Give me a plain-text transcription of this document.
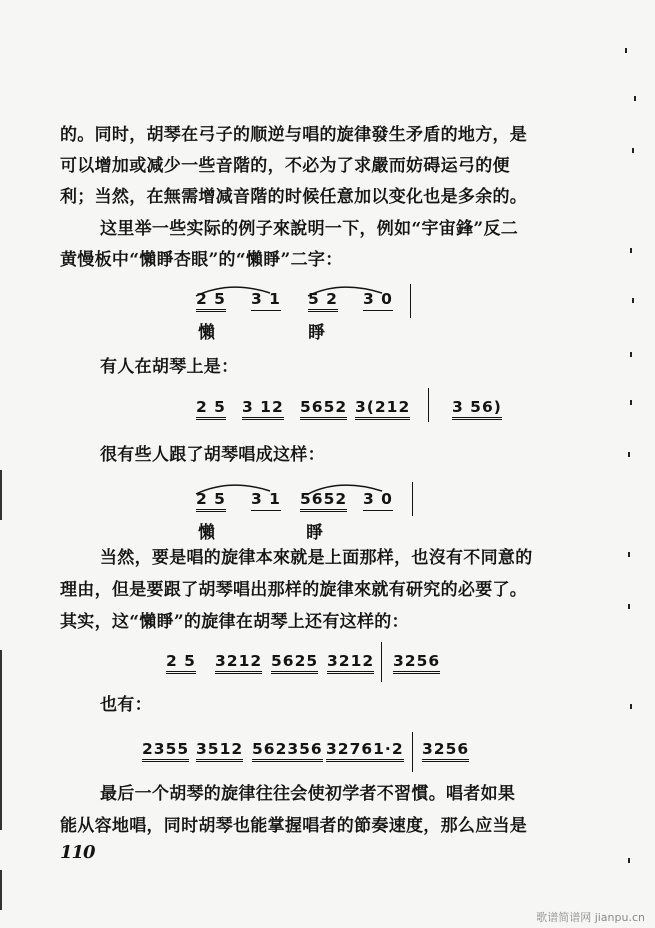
的。同时，胡琴在弓子的顺逆与唱的旋律發生矛盾的地方，是
可以增加或减少一些音階的，不必为了求嚴而妨碍运弓的便
利；当然，在無需增减音階的时候任意加以变化也是多余的。
这里举一些实际的例子來說明一下，例如“宇宙鋒”反二
黄慢板中“懶睜杏眼”的“懶睜”二字：
2 5 3 1 5 2 3 0
懶	睜
有人在胡琴上是：
2 5 3 12 5652 3(212	3 56)
很有些人跟了胡琴唱成这样：
2 5 3 1 5652 3 0
懶	睜
当然，要是唱的旋律本來就是上面那样，也沒有不同意的
理由，但是要跟了胡琴唱出那样的旋律來就有研究的必要了。
其实，这“懶睜”的旋律在胡琴上还有这样的：
2 5 3212 5625 3212 3256
也有：
2355 3512 562356 32761·2 3256
最后一个胡琴的旋律往往会使初学者不習慣。唱者如果
能从容地唱，同时胡琴也能掌握唱者的節奏速度，那么应当是
110
歌谱简谱网 jianpu.cn
